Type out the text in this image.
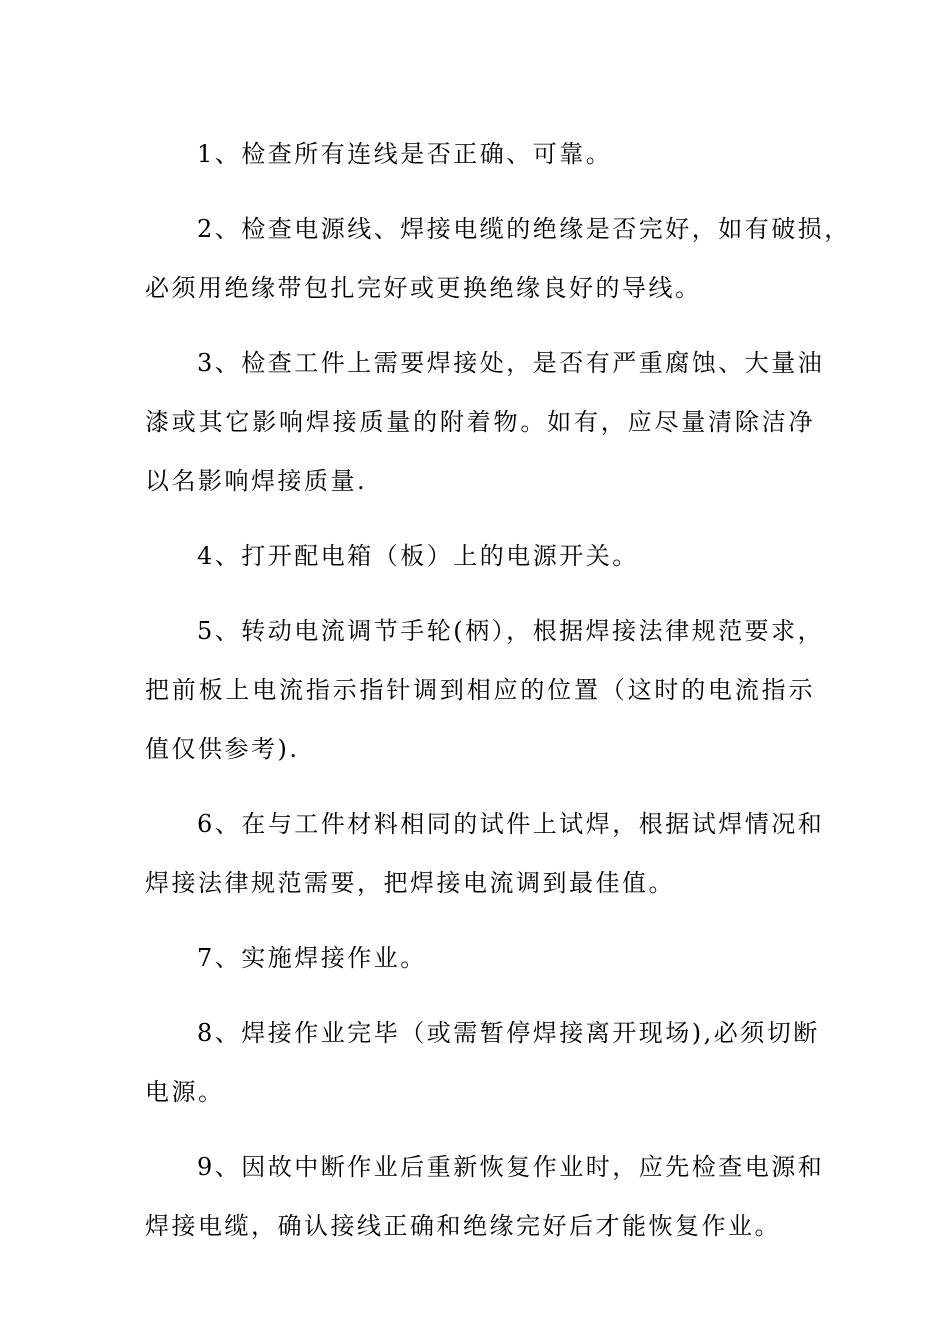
1、检查所有连线是否正确、可靠。

2、检查电源线、焊接电缆的绝缘是否完好，如有破损，
必须用绝缘带包扎完好或更换绝缘良好的导线。

3、检查工件上需要焊接处，是否有严重腐蚀、大量油
漆或其它影响焊接质量的附着物。如有，应尽量清除洁净
以名影响焊接质量.

4、打开配电箱（板）上的电源开关。

5、转动电流调节手轮(柄），根据焊接法律规范要求，
把前板上电流指示指针调到相应的位置（这时的电流指示
值仅供参考).

6、在与工件材料相同的试件上试焊，根据试焊情况和
焊接法律规范需要，把焊接电流调到最佳值。

7、实施焊接作业。

8、焊接作业完毕（或需暂停焊接离开现场),必须切断
电源。

9、因故中断作业后重新恢复作业时，应先检查电源和
焊接电缆，确认接线正确和绝缘完好后才能恢复作业。
